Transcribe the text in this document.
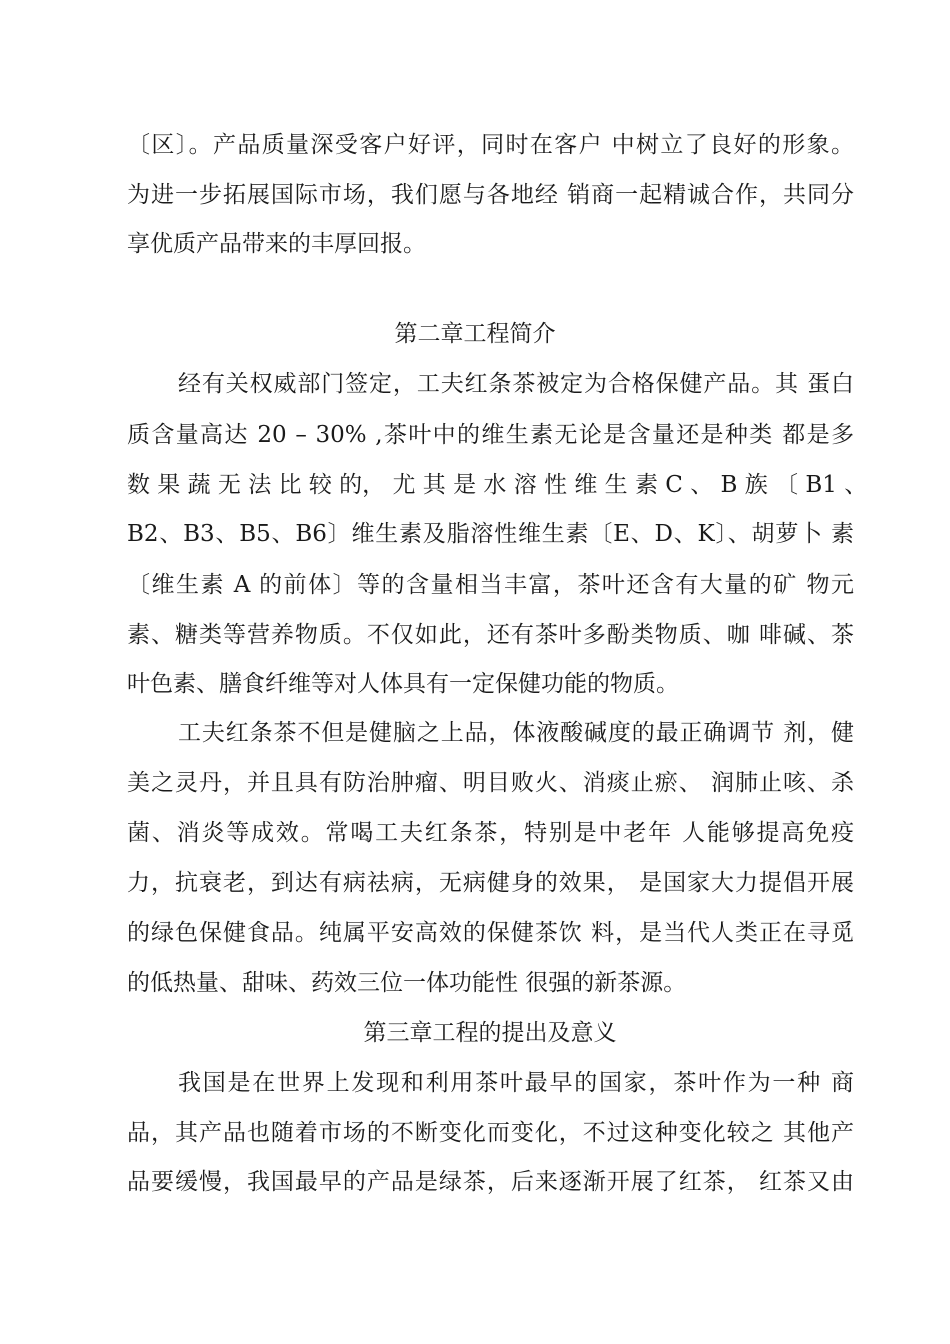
〔区〕。产品质量深受客户好评，同时在客户 中树立了良好的形象。
为进一步拓展国际市场，我们愿与各地经 销商一起精诚合作，共同分
享优质产品带来的丰厚回报。
第二章工程简介
经有关权威部门签定，工夫红条茶被定为合格保健产品。其 蛋白
质含量高达 20 – 30% ,茶叶中的维生素无论是含量还是种类 都是多
数 果 蔬 无 法 比 较 的， 尤 其 是 水 溶 性 维 生 素 C 、 B 族 〔 B1 、
B2、B3、B5、B6〕维生素及脂溶性维生素〔E、D、K〕、胡萝卜 素
〔维生素 A 的前体〕等的含量相当丰富，茶叶还含有大量的矿 物元
素、糖类等营养物质。不仅如此，还有茶叶多酚类物质、咖 啡碱、茶
叶色素、膳食纤维等对人体具有一定保健功能的物质。
工夫红条茶不但是健脑之上品，体液酸碱度的最正确调节 剂，健
美之灵丹，并且具有防治肿瘤、明目败火、消痰止瘀、 润肺止咳、杀
菌、消炎等成效。常喝工夫红条茶，特别是中老年 人能够提高免疫
力，抗衰老，到达有病祛病，无病健身的效果， 是国家大力提倡开展
的绿色保健食品。纯属平安高效的保健茶饮 料，是当代人类正在寻觅
的低热量、甜味、药效三位一体功能性 很强的新茶源。
第三章工程的提出及意义
我国是在世界上发现和利用茶叶最早的国家，茶叶作为一种 商
品，其产品也随着市场的不断变化而变化，不过这种变化较之 其他产
品要缓慢，我国最早的产品是绿茶，后来逐渐开展了红茶， 红茶又由
